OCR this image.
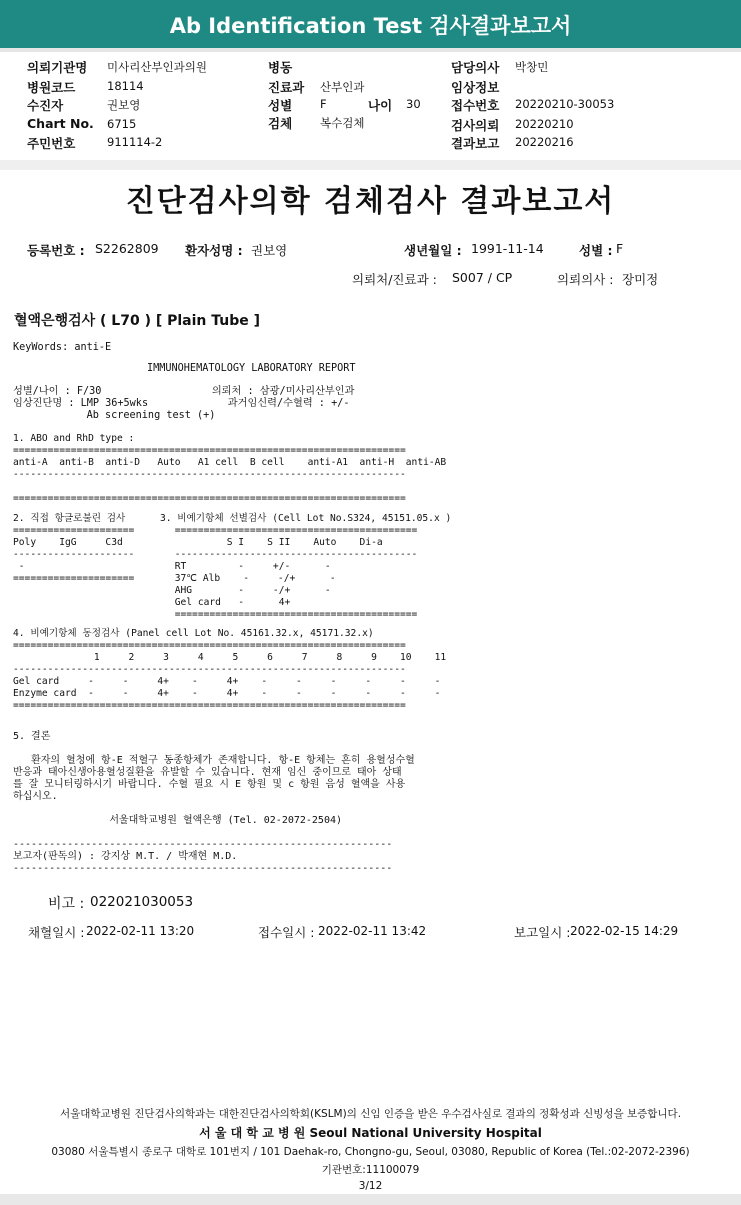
Ab Identification Test 검사결과보고서
의뢰기관명 미사리산부인과의원
병원코드	18114
수진자	권보영
Chart No. 6715
주민번호	911114-2
병동
진료과 산부인과
성별 F	나이 30
검체 복수검체
담당의사 박창민
임상정보
접수번호 20220210-30053
검사의뢰 20220210
결과보고 20220216
진단검사의학 검체검사 결과보고서
등록번호 : S2262809 환자성명 : 권보영	생년월일 : 1991-11-14	성별 : F
의뢰처/진료과 : S007 / CP	의뢰의사 : 장미정
혈액은행검사 ( L70 ) [ Plain Tube ]
KeyWords: anti-E
IMMUNOHEMATOLOGY LABORATORY REPORT
성별/나이 : F/30                  의뢰처 : 삼광/미사리산부인과
임상진단명 : LMP 36+5wks             과거임신력/수혈력 : +/-
Ab screening test (+)
1. ABO and RhD type :
====================================================================
anti-A  anti-B  anti-D   Auto   A1 cell  B cell    anti-A1  anti-H  anti-AB
--------------------------------------------------------------------

====================================================================
2. 직접 항글로불린 검사      3. 비예기항체 선별검사 (Cell Lot No.S324, 45151.05.x )
=====================       ==========================================
Poly    IgG     C3d                  S I    S II    Auto    Di-a
---------------------       ------------------------------------------
-                          RT         -     +/-      -
=====================       37℃ Alb    -     -/+      -
AHG        -     -/+      -
Gel card   -      4+
==========================================
4. 비예기항체 동정검사 (Panel cell Lot No. 45161.32.x, 45171.32.x)
====================================================================
1     2     3     4     5     6     7     8     9    10    11
--------------------------------------------------------------------
Gel card     -     -     4+    -     4+    -     -     -     -     -     -
Enzyme card  -     -     4+    -     4+    -     -     -     -     -     -
====================================================================
5. 결론

환자의 혈청에 항-E 적혈구 동종항체가 존재합니다. 항-E 항체는 흔히 용혈성수혈
반응과 태아신생아용혈성질환을 유발할 수 있습니다. 현재 임신 중이므로 태아 상태
를 잘 모니터링하시기 바랍니다. 수혈 필요 시 E 항원 및 c 항원 음성 혈액을 사용
하십시오.

서울대학교병원 혈액은행 (Tel. 02-2072-2504)

---------------------------------------------------------------
보고자(판독의) : 강지상 M.T. / 박재현 M.D.
---------------------------------------------------------------
비고 : 022021030053
채혈일시 : 2022-02-11 13:20	접수일시 : 2022-02-11 13:42	보고일시 : 2022-02-15 14:29
서울대학교병원 진단검사의학과는 대한진단검사의학회(KSLM)의 신임 인증을 받은 우수검사실로 결과의 정확성과 신빙성을 보증합니다.
서 울 대 학 교 병 원 Seoul National University Hospital
03080 서울특별시 종로구 대학로 101번지 / 101 Daehak-ro, Chongno-gu, Seoul, 03080, Republic of Korea (Tel.:02-2072-2396)
기관번호:11100079
3/12
